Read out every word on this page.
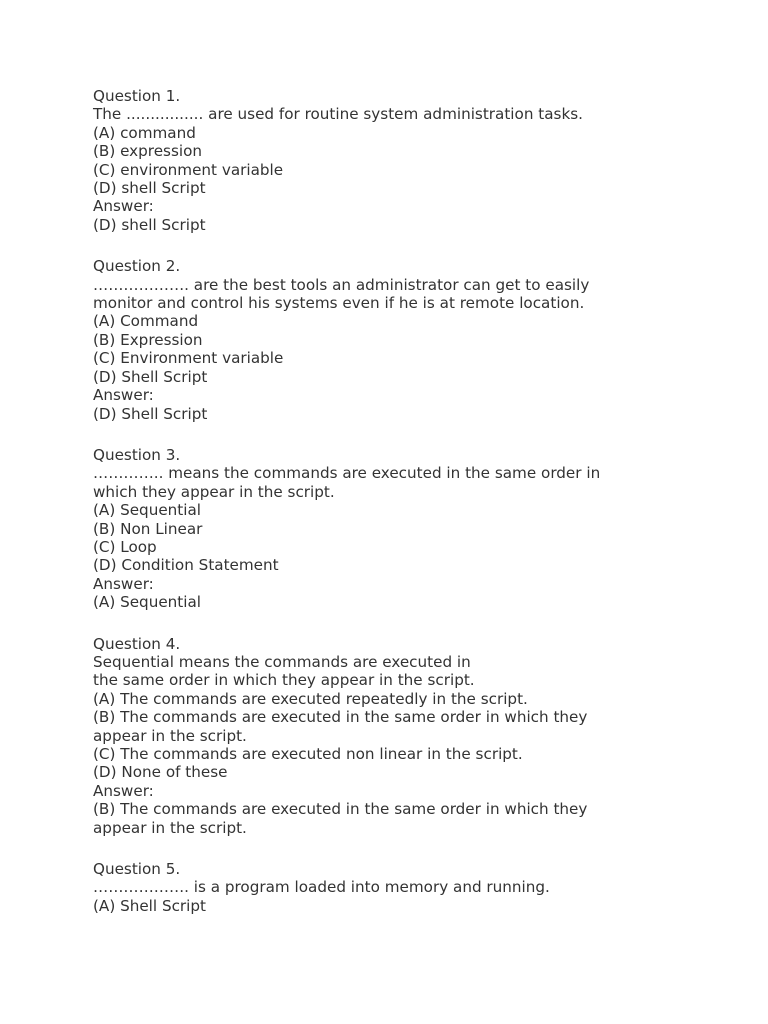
Question 1.
The ................ are used for routine system administration tasks.
(A) command
(B) expression
(C) environment variable
(D) shell Script
Answer:
(D) shell Script
Question 2.
………………. are the best tools an administrator can get to easily
monitor and control his systems even if he is at remote location.
(A) Command
(B) Expression
(C) Environment variable
(D) Shell Script
Answer:
(D) Shell Script
Question 3.
………….. means the commands are executed in the same order in
which they appear in the script.
(A) Sequential
(B) Non Linear
(C) Loop
(D) Condition Statement
Answer:
(A) Sequential
Question 4.
Sequential means the commands are executed in
the same order in which they appear in the script.
(A) The commands are executed repeatedly in the script.
(B) The commands are executed in the same order in which they
appear in the script.
(C) The commands are executed non linear in the script.
(D) None of these
Answer:
(B) The commands are executed in the same order in which they
appear in the script.
Question 5.
………………. is a program loaded into memory and running.
(A) Shell Script
